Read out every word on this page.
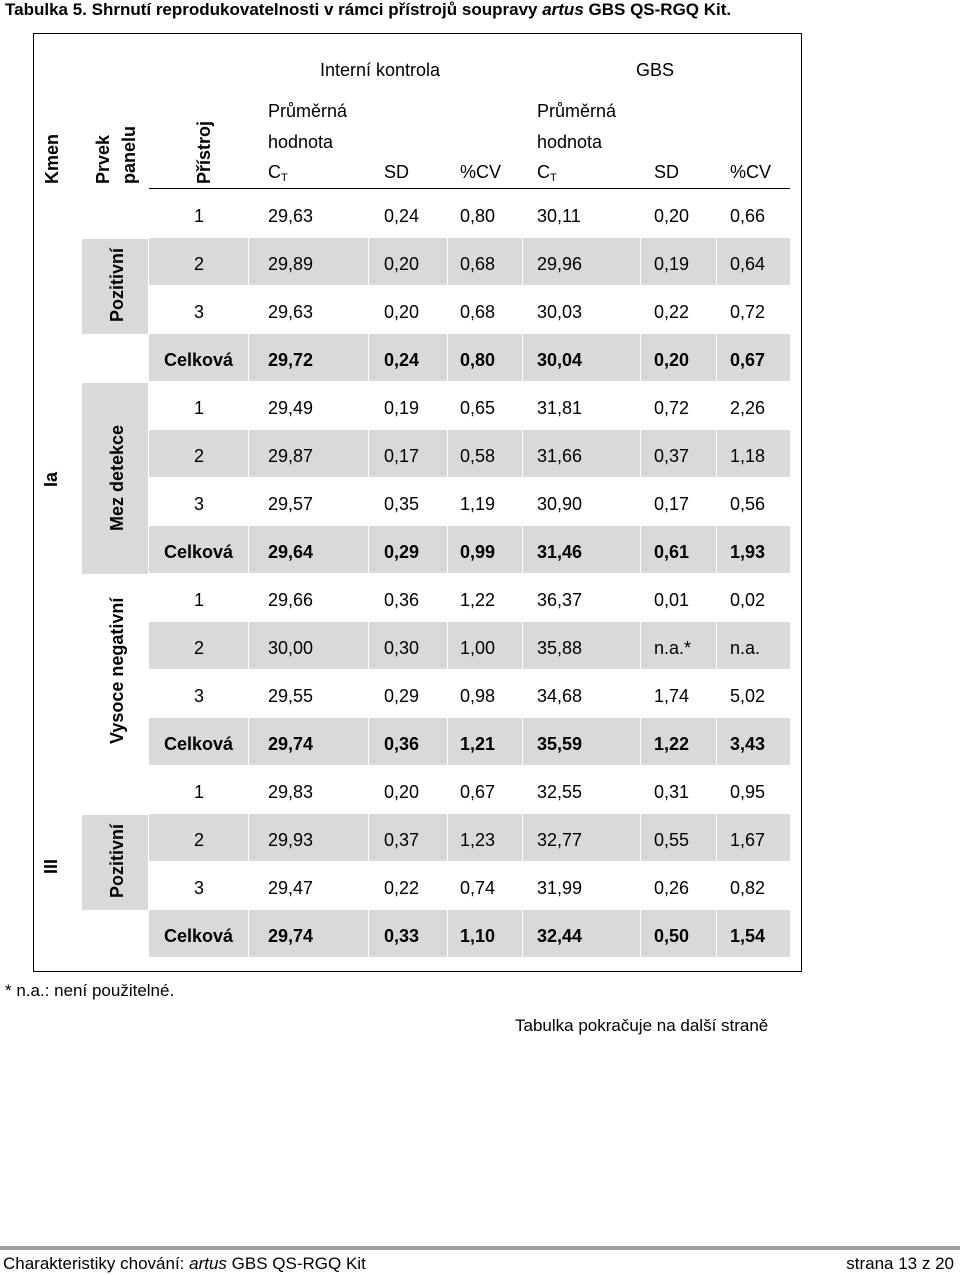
Tabulka 5. Shrnutí reprodukovatelnosti v rámci přístrojů soupravy artus GBS QS-RGQ Kit.
Interní kontrola	GBS
Kmen Prvek panelu	Přístroj
Průměrná
hodnota
$C_T$	SD	%CV
Průměrná
hodnota
$C_T$	SD	%CV
Pozitivní
Mez detekce
Vysoce negativní
Pozitivní
Ia
III
1	29,63	0,24 0,80 30,11	0,20 0,66
2	29,89	0,20 0,68 29,96	0,19 0,64
3	29,63	0,20 0,68 30,03	0,22 0,72
Celková 29,72	0,24 0,80 30,04	0,20 0,67
1	29,49	0,19 0,65 31,81	0,72 2,26
2	29,87	0,17 0,58 31,66	0,37 1,18
3	29,57	0,35 1,19 30,90	0,17 0,56
Celková 29,64	0,29 0,99 31,46	0,61 1,93
1	29,66	0,36 1,22 36,37	0,01 0,02
2	30,00	0,30 1,00 35,88	n.a.* n.a.
3	29,55	0,29 0,98 34,68	1,74 5,02
Celková 29,74	0,36 1,21 35,59	1,22 3,43
1	29,83	0,20 0,67 32,55	0,31 0,95
2	29,93	0,37 1,23 32,77	0,55 1,67
3	29,47	0,22 0,74 31,99	0,26 0,82
Celková 29,74	0,33 1,10 32,44	0,50 1,54
* n.a.: není použitelné.
Tabulka pokračuje na další straně
Charakteristiky chování: artus GBS QS-RGQ Kit	strana 13 z 20
